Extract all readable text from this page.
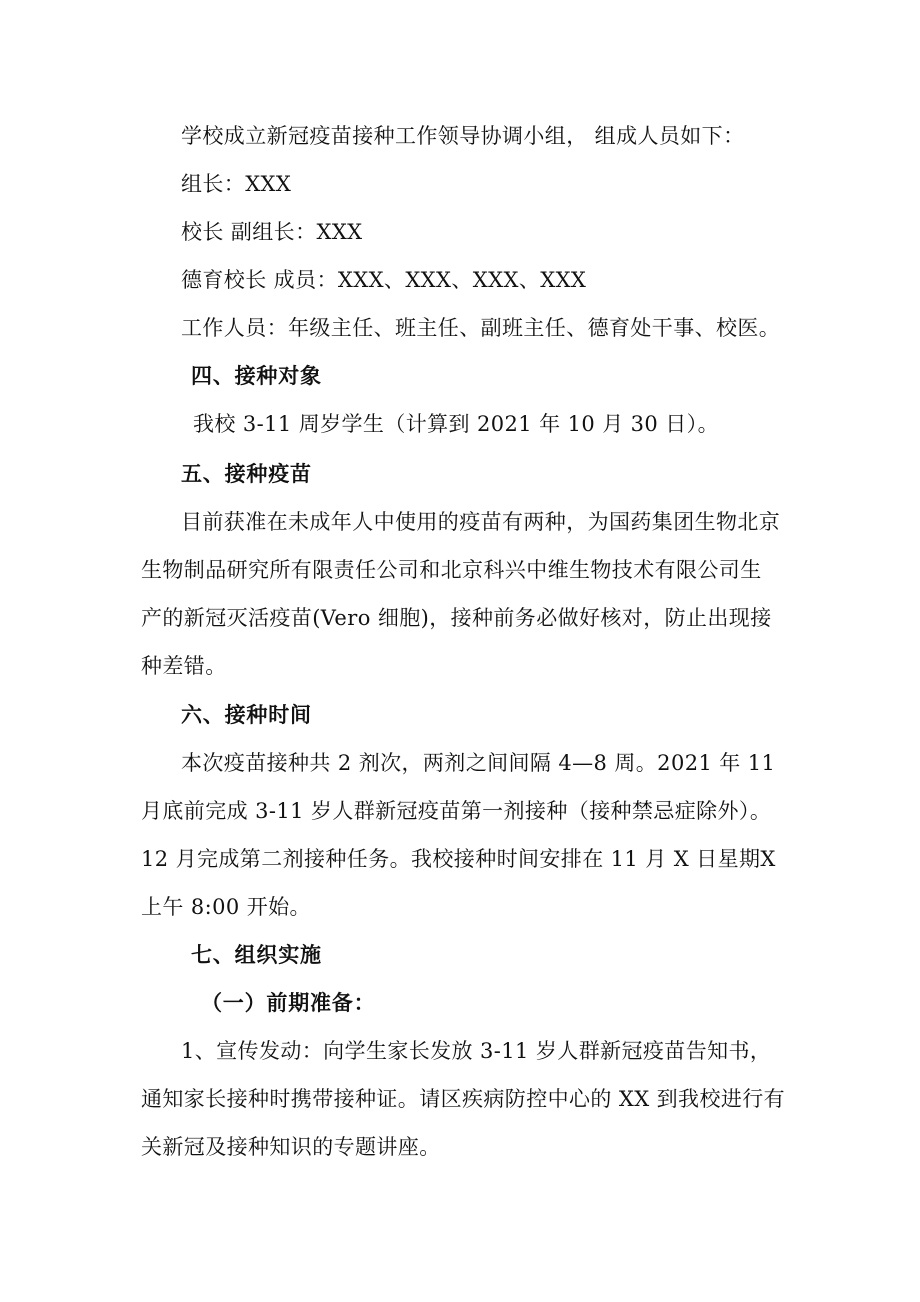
学校成立新冠疫苗接种工作领导协调小组， 组成人员如下：
组长：XXX
校长 副组长：XXX
德育校长 成员：XXX、XXX、XXX、XXX
工作人员：年级主任、班主任、副班主任、德育处干事、校医。
四、接种对象
我校 3-11 周岁学生（计算到 2021 年 10 月 30 日）。
五、接种疫苗
目前获准在未成年人中使用的疫苗有两种，为国药集团生物北京
生物制品研究所有限责任公司和北京科兴中维生物技术有限公司生
产的新冠灭活疫苗(Vero 细胞)，接种前务必做好核对，防止出现接
种差错。
六、接种时间
本次疫苗接种共 2 剂次，两剂之间间隔 4—8 周。2021 年 11
月底前完成 3-11 岁人群新冠疫苗第一剂接种（接种禁忌症除外）。
12 月完成第二剂接种任务。我校接种时间安排在 11 月 X 日星期X
上午 8:00 开始。
七、组织实施
（一）前期准备：
1、宣传发动：向学生家长发放 3-11 岁人群新冠疫苗告知书，
通知家长接种时携带接种证。请区疾病防控中心的 XX 到我校进行有
关新冠及接种知识的专题讲座。
